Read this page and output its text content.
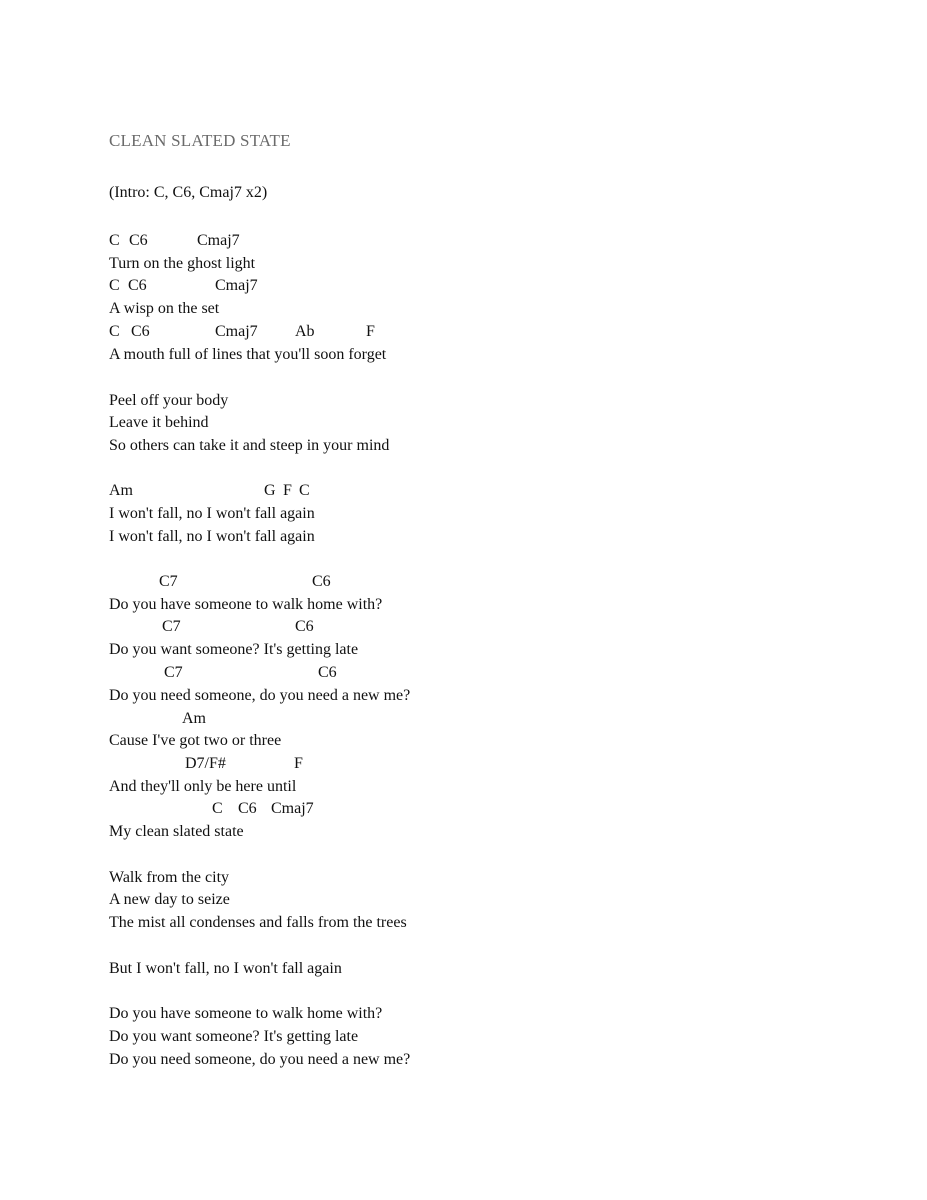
CLEAN SLATED STATE
(Intro: C, C6, Cmaj7 x2)
C C6	Cmaj7
Turn on the ghost light
C C6	Cmaj7
A wisp on the set
C C6	Cmaj7 Ab	F
A mouth full of lines that you'll soon forget
Peel off your body
Leave it behind
So others can take it and steep in your mind
Am	G F C
I won't fall, no I won't fall again
I won't fall, no I won't fall again
C7	C6
Do you have someone to walk home with?
C7	C6
Do you want someone? It's getting late
C7	C6
Do you need someone, do you need a new me?
Am
Cause I've got two or three
D7/F#	F
And they'll only be here until
C C6 Cmaj7
My clean slated state
Walk from the city
A new day to seize
The mist all condenses and falls from the trees
But I won't fall, no I won't fall again
Do you have someone to walk home with?
Do you want someone? It's getting late
Do you need someone, do you need a new me?
